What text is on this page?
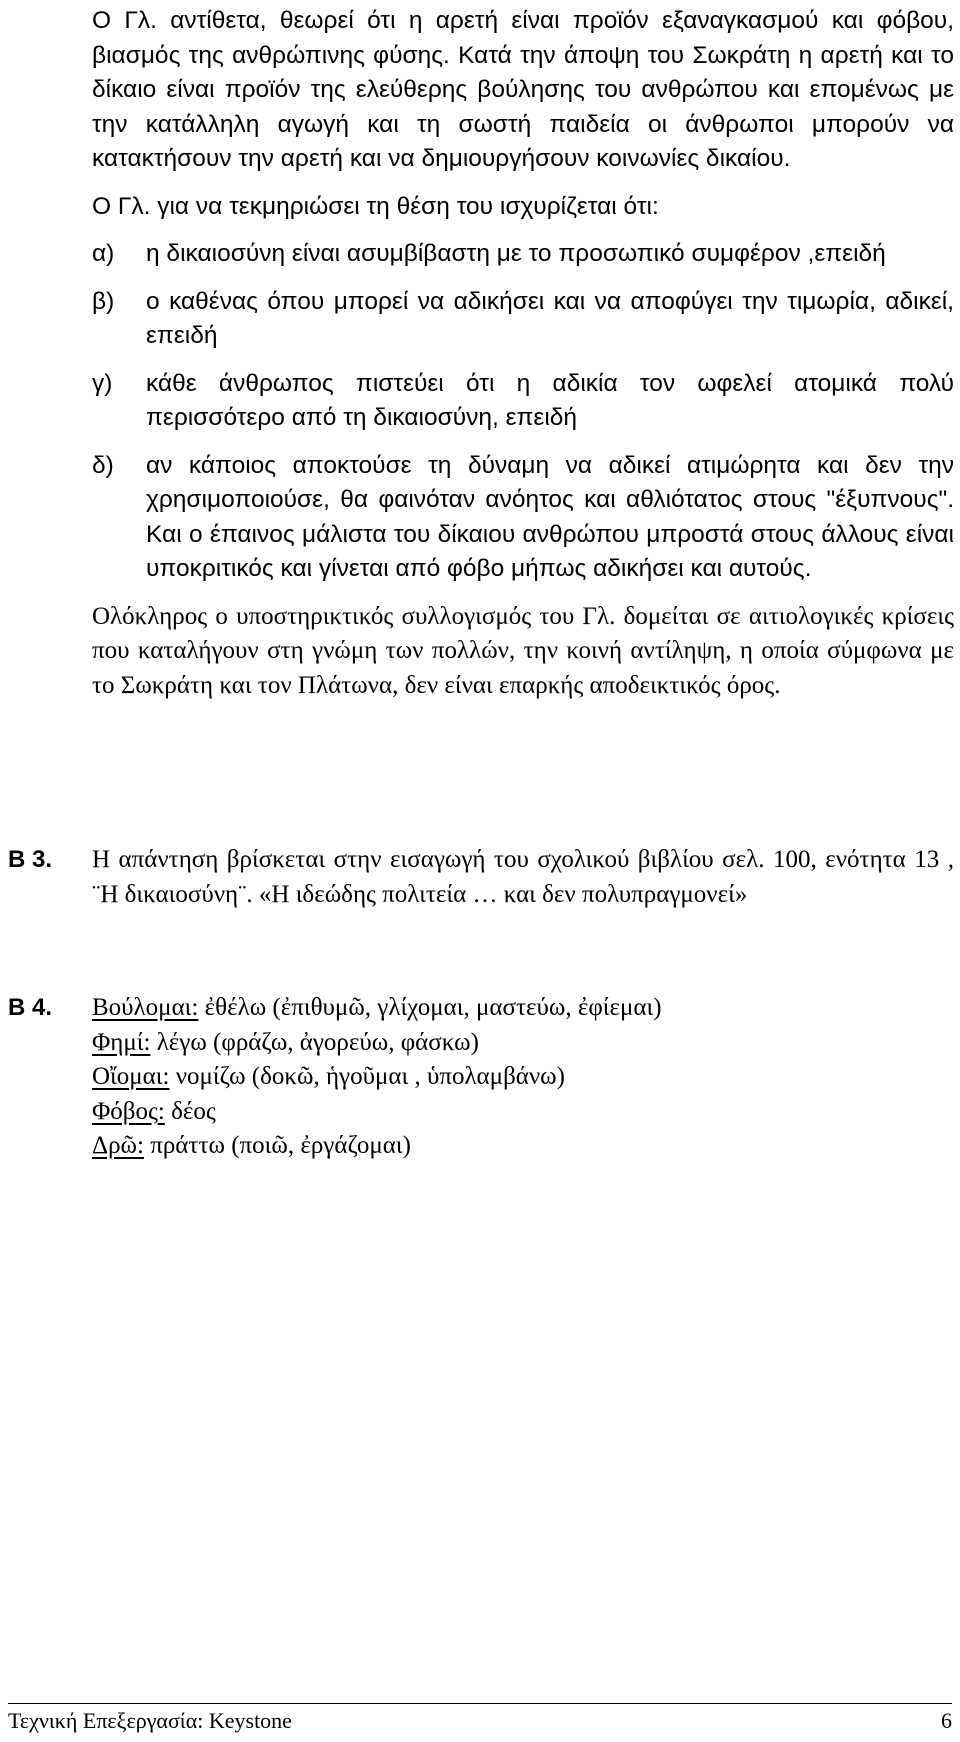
Ο Γλ. αντίθετα, θεωρεί ότι η αρετή είναι προϊόν εξαναγκασμού και φόβου, βιασμός της ανθρώπινης φύσης. Κατά την άποψη του Σωκράτη η αρετή και το δίκαιο είναι προϊόν της ελεύθερης βούλησης του ανθρώπου και επομένως με την κατάλληλη αγωγή και τη σωστή παιδεία οι άνθρωποι μπορούν να κατακτήσουν την αρετή και να δημιουργήσουν κοινωνίες δικαίου.

Ο Γλ. για να τεκμηριώσει τη θέση του ισχυρίζεται ότι:

α)	η δικαιοσύνη είναι ασυμβίβαστη με το προσωπικό συμφέρον ,επειδή
β)	ο καθένας όπου μπορεί να αδικήσει και να αποφύγει την τιμωρία, αδικεί, επειδή
γ)	κάθε άνθρωπος πιστεύει ότι η αδικία τον ωφελεί ατομικά πολύ περισσότερο από τη δικαιοσύνη, επειδή
δ)	αν κάποιος αποκτούσε τη δύναμη να αδικεί ατιμώρητα και δεν την χρησιμοποιούσε, θα φαινόταν ανόητος και αθλιότατος στους "έξυπνους". Και ο έπαινος μάλιστα του δίκαιου ανθρώπου μπροστά στους άλλους είναι υποκριτικός και γίνεται από φόβο μήπως αδικήσει και αυτούς.

Ολόκληρος ο υποστηρικτικός συλλογισμός του Γλ. δομείται σε αιτιολογικές κρίσεις που καταλήγουν στη γνώμη των πολλών, την κοινή αντίληψη, η οποία σύμφωνα με το Σωκράτη και τον Πλάτωνα, δεν είναι επαρκής αποδεικτικός όρος.

Β 3.	Η απάντηση βρίσκεται στην εισαγωγή του σχολικού βιβλίου σελ. 100, ενότητα 13 , ¨Η δικαιοσύνη¨. «Η ιδεώδης πολιτεία … και δεν πολυπραγμονεί»
Β 4.	Βούλομαι: ἐθέλω (ἐπιθυμῶ, γλίχομαι, μαστεύω, ἐφίεμαι)
Φημί: λέγω (φράζω, ἀγορεύω, φάσκω)
Οἴομαι: νομίζω (δοκῶ, ἡγοῦμαι , ὑπολαμβάνω)
Φόβος: δέος
Δρῶ: πράττω (ποιῶ, ἐργάζομαι)
Τεχνική Επεξεργασία: Keystone	6
